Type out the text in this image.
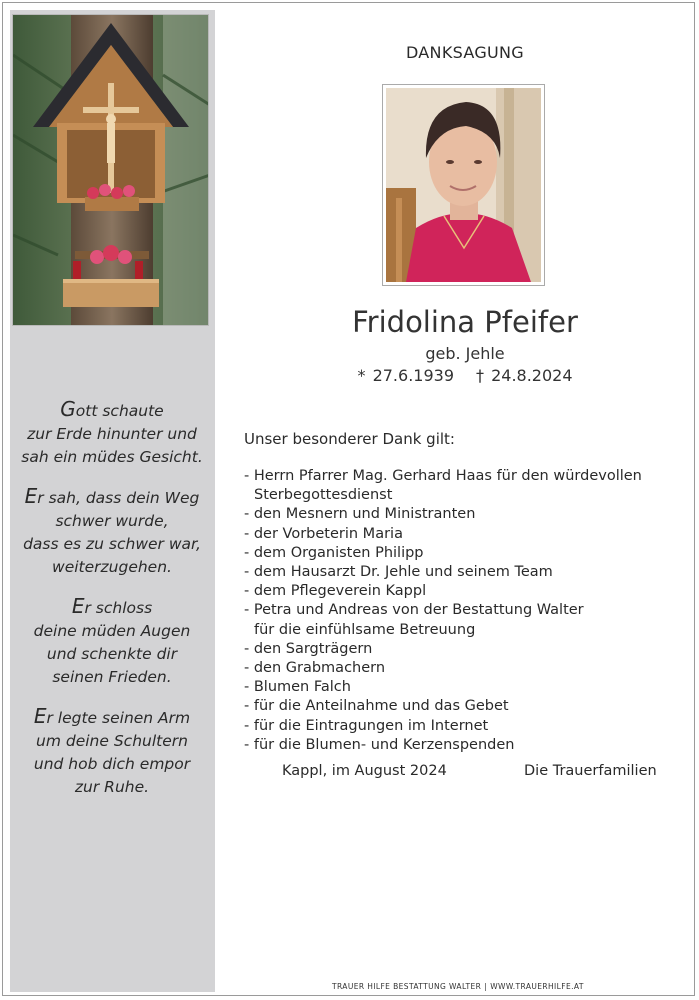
Gott schaute
zur Erde hinunter und
sah ein müdes Gesicht.
Er sah, dass dein Weg
schwer wurde,
dass es zu schwer war,
weiterzugehen.
Er schloss
deine müden Augen
und schenkte dir
seinen Frieden.
Er legte seinen Arm
um deine Schultern
und hob dich empor
zur Ruhe.
DANKSAGUNG
Fridolina Pfeifer
geb. Jehle
* 27.6.1939 † 24.8.2024
Unser besonderer Dank gilt:
- Herrn Pfarrer Mag. Gerhard Haas für den würdevollen
Sterbegottesdienst
- den Mesnern und Ministranten
- der Vorbeterin Maria
- dem Organisten Philipp
- dem Hausarzt Dr. Jehle und seinem Team
- dem Pflegeverein Kappl
- Petra und Andreas von der Bestattung Walter
für die einfühlsame Betreuung
- den Sargträgern
- den Grabmachern
- Blumen Falch
- für die Anteilnahme und das Gebet
- für die Eintragungen im Internet
- für die Blumen- und Kerzenspenden
Kappl, im August 2024	Die Trauerfamilien
TRAUER HILFE BESTATTUNG WALTER | WWW.TRAUERHILFE.AT
